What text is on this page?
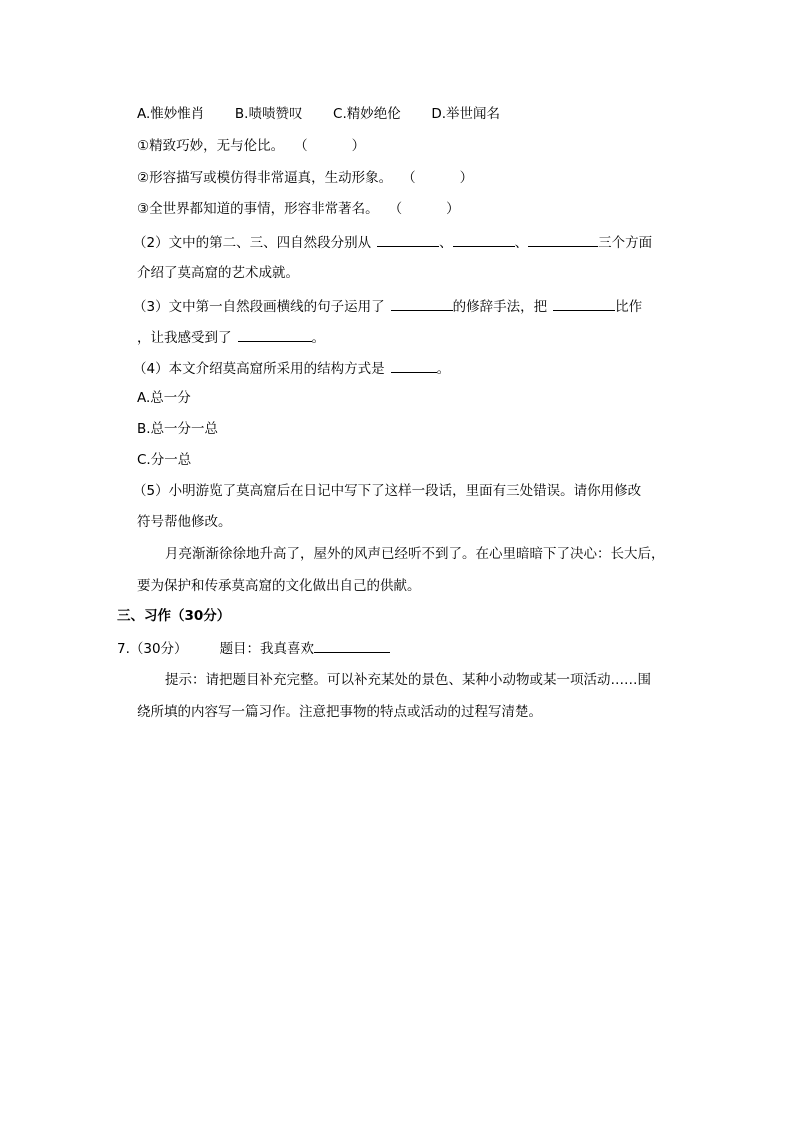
A.惟妙惟肖 B.啧啧赞叹 C.精妙绝伦 D.举世闻名
①精致巧妙，无与伦比。 （	）
②形容描写或模仿得非常逼真，生动形象。 （	）
③全世界都知道的事情，形容非常著名。 （	）
（2）文中的第二、三、四自然段分别从	、	、	三个方面
介绍了莫高窟的艺术成就。
（3）文中第一自然段画横线的句子运用了	的修辞手法，把	比作
，让我感受到了	。
（4）本文介绍莫高窟所采用的结构方式是	。
A.总一分
B.总一分一总
C.分一总
（5）小明游览了莫高窟后在日记中写下了这样一段话，里面有三处错误。请你用修改
符号帮他修改。
月亮渐渐徐徐地升高了，屋外的风声已经听不到了。在心里暗暗下了决心：长大后，
要为保护和传承莫高窟的文化做出自己的供献。
三、习作（30分）
7.（30分） 题目：我真喜欢
提示：请把题目补充完整。可以补充某处的景色、某种小动物或某一项活动……围
绕所填的内容写一篇习作。注意把事物的特点或活动的过程写清楚。
